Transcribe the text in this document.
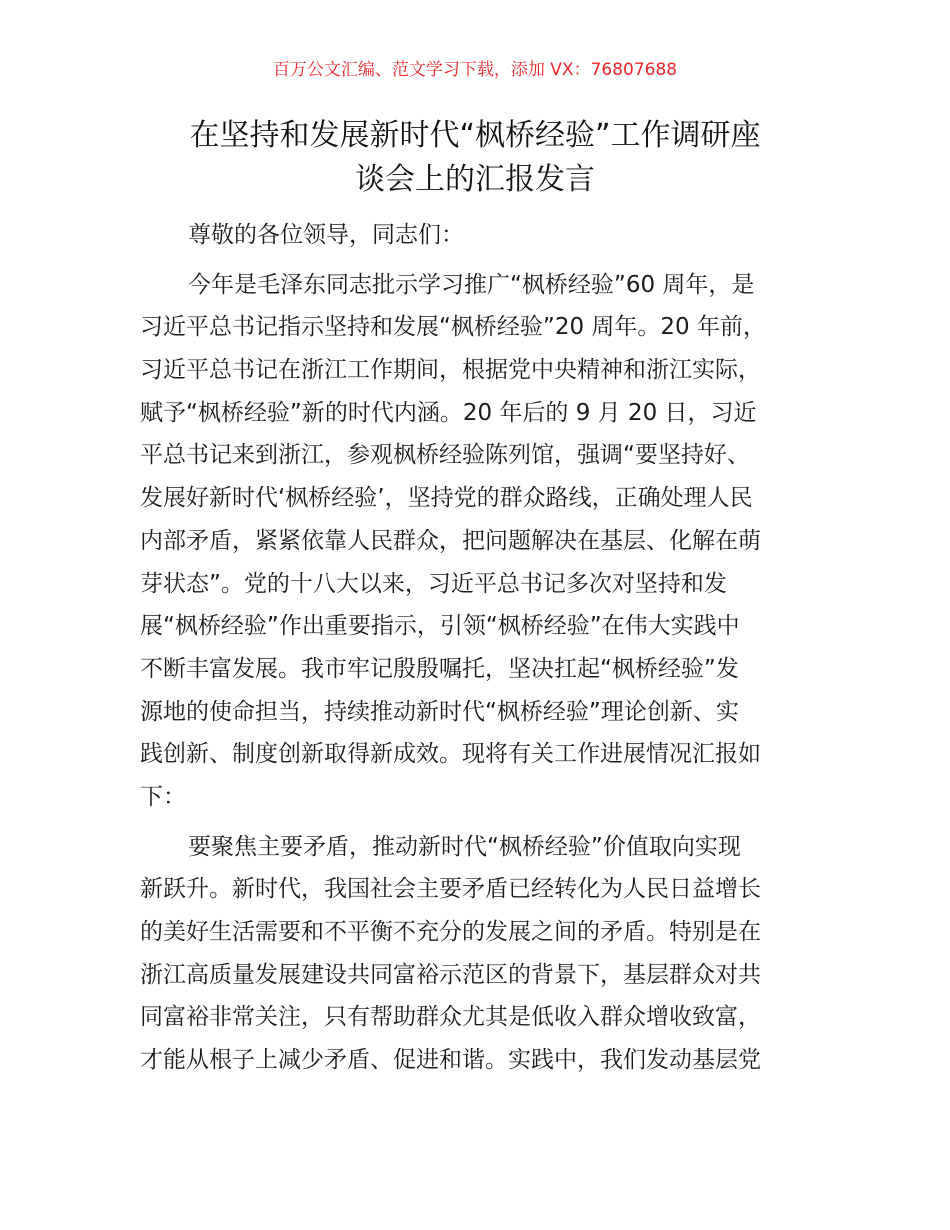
百万公文汇编、范文学习下载，添加 VX：76807688
在坚持和发展新时代“枫桥经验”工作调研座
谈会上的汇报发言
尊敬的各位领导，同志们：
今年是毛泽东同志批示学习推广“枫桥经验”60 周年，是
习近平总书记指示坚持和发展“枫桥经验”20 周年。20 年前，
习近平总书记在浙江工作期间，根据党中央精神和浙江实际，
赋予“枫桥经验”新的时代内涵。20 年后的 9 月 20 日，习近
平总书记来到浙江，参观枫桥经验陈列馆，强调“要坚持好、
发展好新时代‘枫桥经验’，坚持党的群众路线，正确处理人民
内部矛盾，紧紧依靠人民群众，把问题解决在基层、化解在萌
芽状态”。党的十八大以来，习近平总书记多次对坚持和发
展“枫桥经验”作出重要指示，引领“枫桥经验”在伟大实践中
不断丰富发展。我市牢记殷殷嘱托，坚决扛起“枫桥经验”发
源地的使命担当，持续推动新时代“枫桥经验”理论创新、实
践创新、制度创新取得新成效。现将有关工作进展情况汇报如
下：
要聚焦主要矛盾，推动新时代“枫桥经验”价值取向实现
新跃升。新时代，我国社会主要矛盾已经转化为人民日益增长
的美好生活需要和不平衡不充分的发展之间的矛盾。特别是在
浙江高质量发展建设共同富裕示范区的背景下，基层群众对共
同富裕非常关注，只有帮助群众尤其是低收入群众增收致富，
才能从根子上减少矛盾、促进和谐。实践中，我们发动基层党
